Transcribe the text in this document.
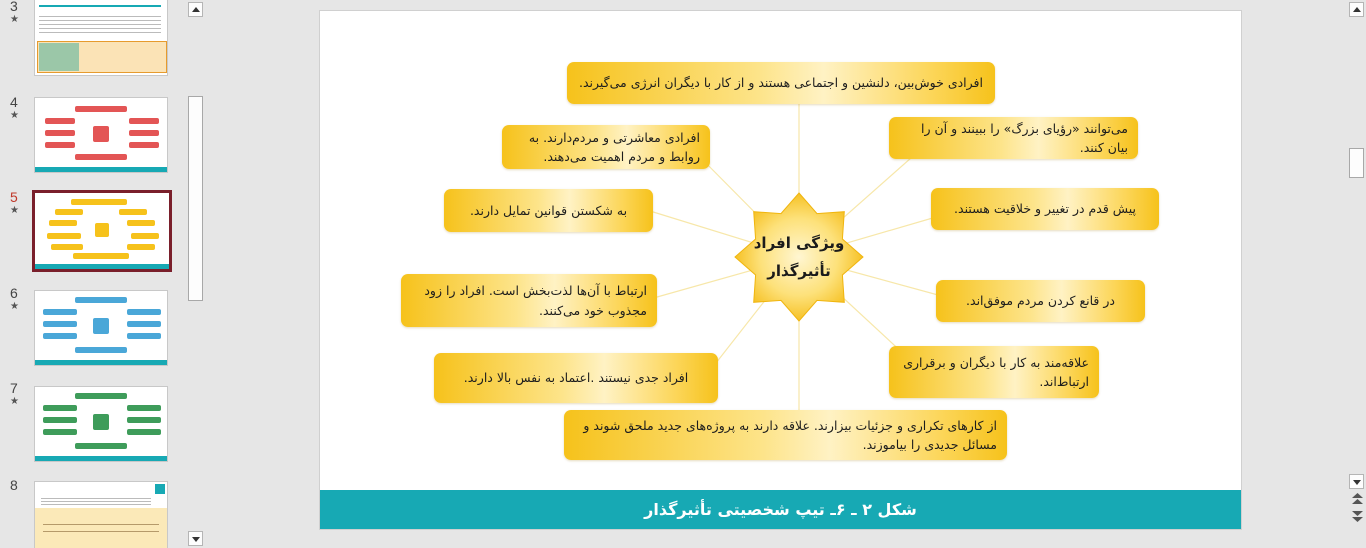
3
★
4
★
5
★
6
★
7
★
8
افرادی خوش‌بین، دلنشین و اجتماعی هستند و از کار با دیگران انرژی می‌گیرند.
می‌توانند «رؤیای بزرگ» را ببینند و آن را بیان کنند.
پیش قدم در تغییر و خلاقیت هستند.
در قانع کردن مردم موفق‌اند.
علاقه‌مند به کار با دیگران و برقراری ارتباط‌اند.
افرادی معاشرتی و مردم‌دارند. به روابط و مردم اهمیت می‌دهند.
به شکستن قوانین تمایل دارند.
ارتباط با آن‌ها لذت‌بخش است. افراد را زود مجذوب خود می‌کنند.
افراد جدی نیستند .اعتماد به نفس بالا دارند.
از کارهای تکراری و جزئیات بیزارند. علاقه دارند به پروژه‌های جدید ملحق شوند و مسائل جدیدی را بیاموزند.
ویژگی افراد
تأثیرگذار
شکل ۲ ـ ۶ـ تیپ شخصیتی تأثیرگذار
